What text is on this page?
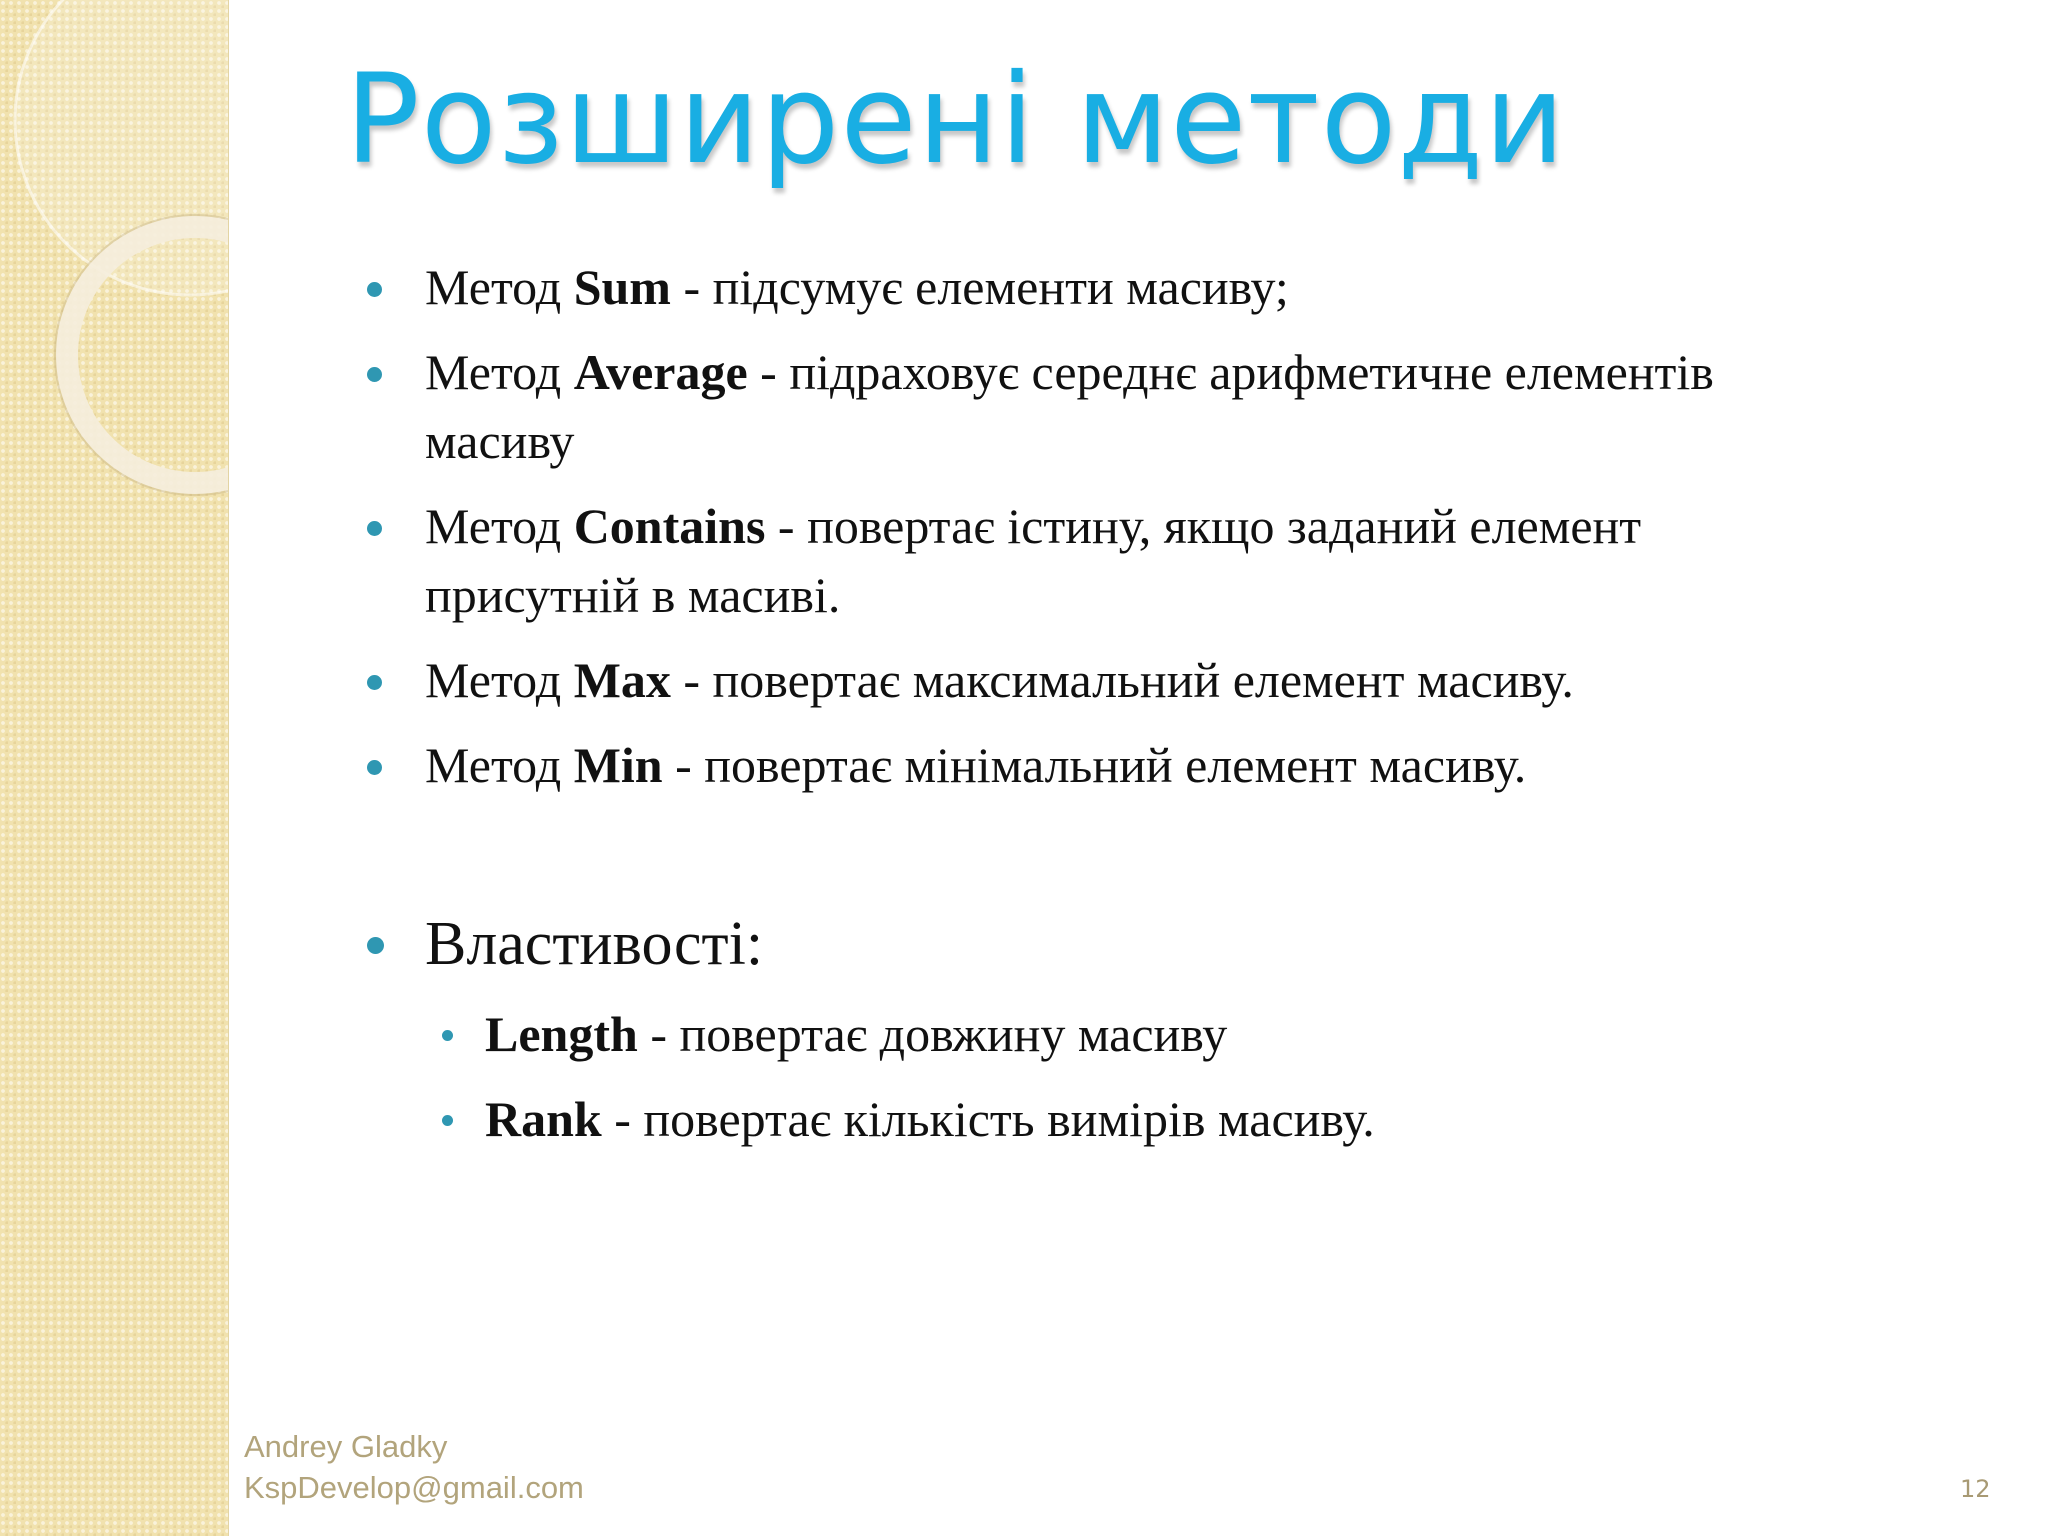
Розширені методи
Метод Sum - підсумує елементи масиву;
Метод Average - підраховує середнє арифметичне елементів
масиву
Метод Contains - повертає істину, якщо заданий елемент
присутній в масиві.
Метод Max - повертає максимальний елемент масиву.
Метод Min - повертає мінімальний елемент масиву.
Властивості:
Length - повертає довжину масиву
Rank - повертає кількість вимірів масиву.
Andrey Gladky
KspDevelop@gmail.com	12
